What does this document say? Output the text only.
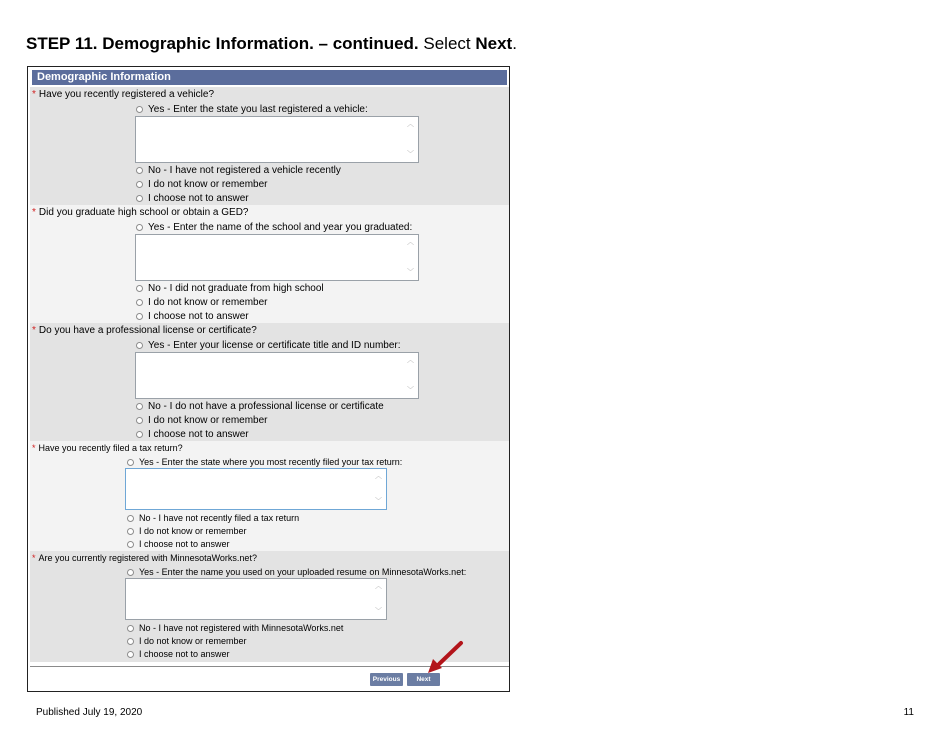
STEP 11. Demographic Information. – continued. Select Next.
Demographic Information
* Have you recently registered a vehicle?
Yes - Enter the state you last registered a vehicle:
︿
﹀
No - I have not registered a vehicle recently
I do not know or remember
I choose not to answer
* Did you graduate high school or obtain a GED?
Yes - Enter the name of the school and year you graduated:
︿
﹀
No - I did not graduate from high school
I do not know or remember
I choose not to answer
* Do you have a professional license or certificate?
Yes - Enter your license or certificate title and ID number:
︿
﹀
No - I do not have a professional license or certificate
I do not know or remember
I choose not to answer
* Have you recently filed a tax return?
Yes - Enter the state where you most recently filed your tax return:
︿
﹀
No - I have not recently filed a tax return
I do not know or remember
I choose not to answer
* Are you currently registered with MinnesotaWorks.net?
Yes - Enter the name you used on your uploaded resume on MinnesotaWorks.net:
︿
﹀
No - I have not registered with MinnesotaWorks.net
I do not know or remember
I choose not to answer
Previous	Next
Published July 19, 2020	11
